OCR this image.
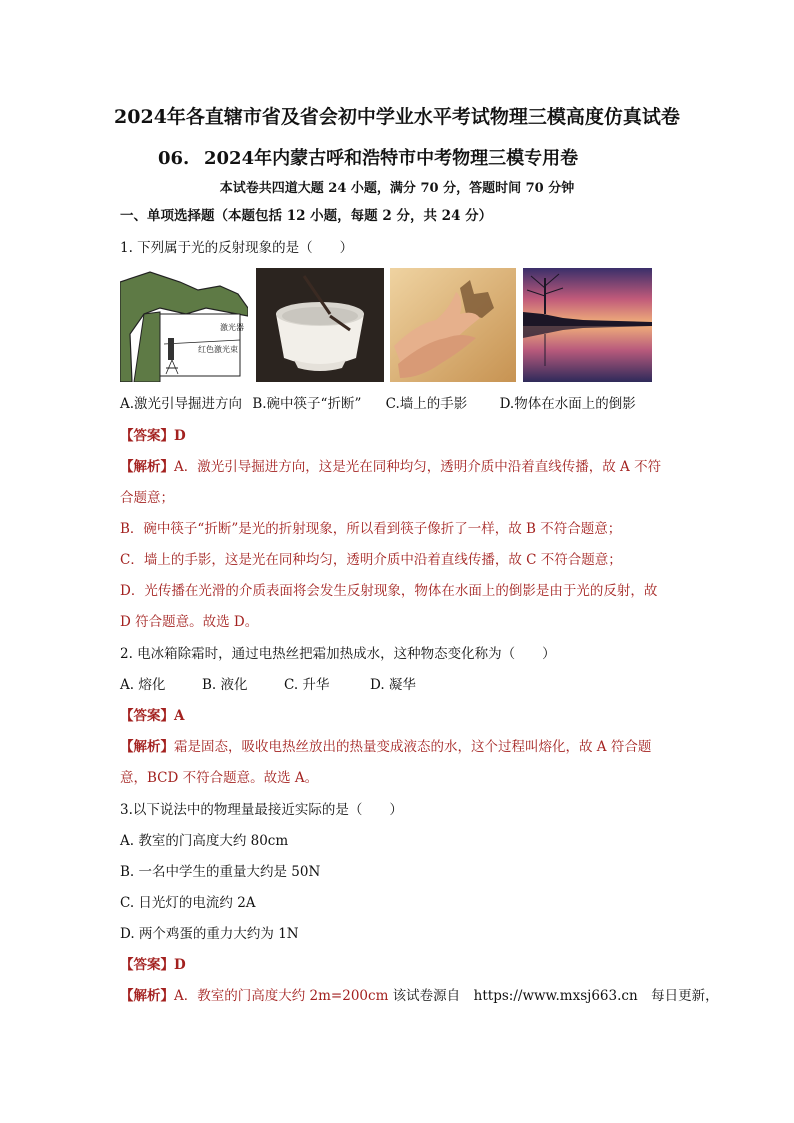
2024年各直辖市省及省会初中学业水平考试物理三模高度仿真试卷
06. 2024年内蒙古呼和浩特市中考物理三模专用卷
本试卷共四道大题 24 小题，满分 70 分，答题时间 70 分钟
一、单项选择题（本题包括 12 小题，每题 2 分，共 24 分）
1. 下列属于光的反射现象的是（　　）
激光器
红色激光束
A.激光引导掘进方向 B.碗中筷子“折断” C.墙上的手影 D.物体在水面上的倒影
【答案】D
【解析】A．激光引导掘进方向，这是光在同种均匀，透明介质中沿着直线传播，故 A 不符
合题意；
B．碗中筷子“折断”是光的折射现象，所以看到筷子像折了一样，故 B 不符合题意；
C．墙上的手影，这是光在同种均匀，透明介质中沿着直线传播，故 C 不符合题意；
D．光传播在光滑的介质表面将会发生反射现象，物体在水面上的倒影是由于光的反射，故
D 符合题意。故选 D。
2. 电冰箱除霜时，通过电热丝把霜加热成水，这种物态变化称为（　　）
A. 熔化	B. 液化	C. 升华	D. 凝华
【答案】A
【解析】霜是固态，吸收电热丝放出的热量变成液态的水，这个过程叫熔化，故 A 符合题
意，BCD 不符合题意。故选 A。
3.以下说法中的物理量最接近实际的是（　　）
A. 教室的门高度大约 80cm
B. 一名中学生的重量大约是 50N
C. 日光灯的电流约 2A
D. 两个鸡蛋的重力大约为 1N
【答案】D
【解析】A．教室的门高度大约 2m=200cm 该试卷源自　https://www.mxsj663.cn　每日更新，
